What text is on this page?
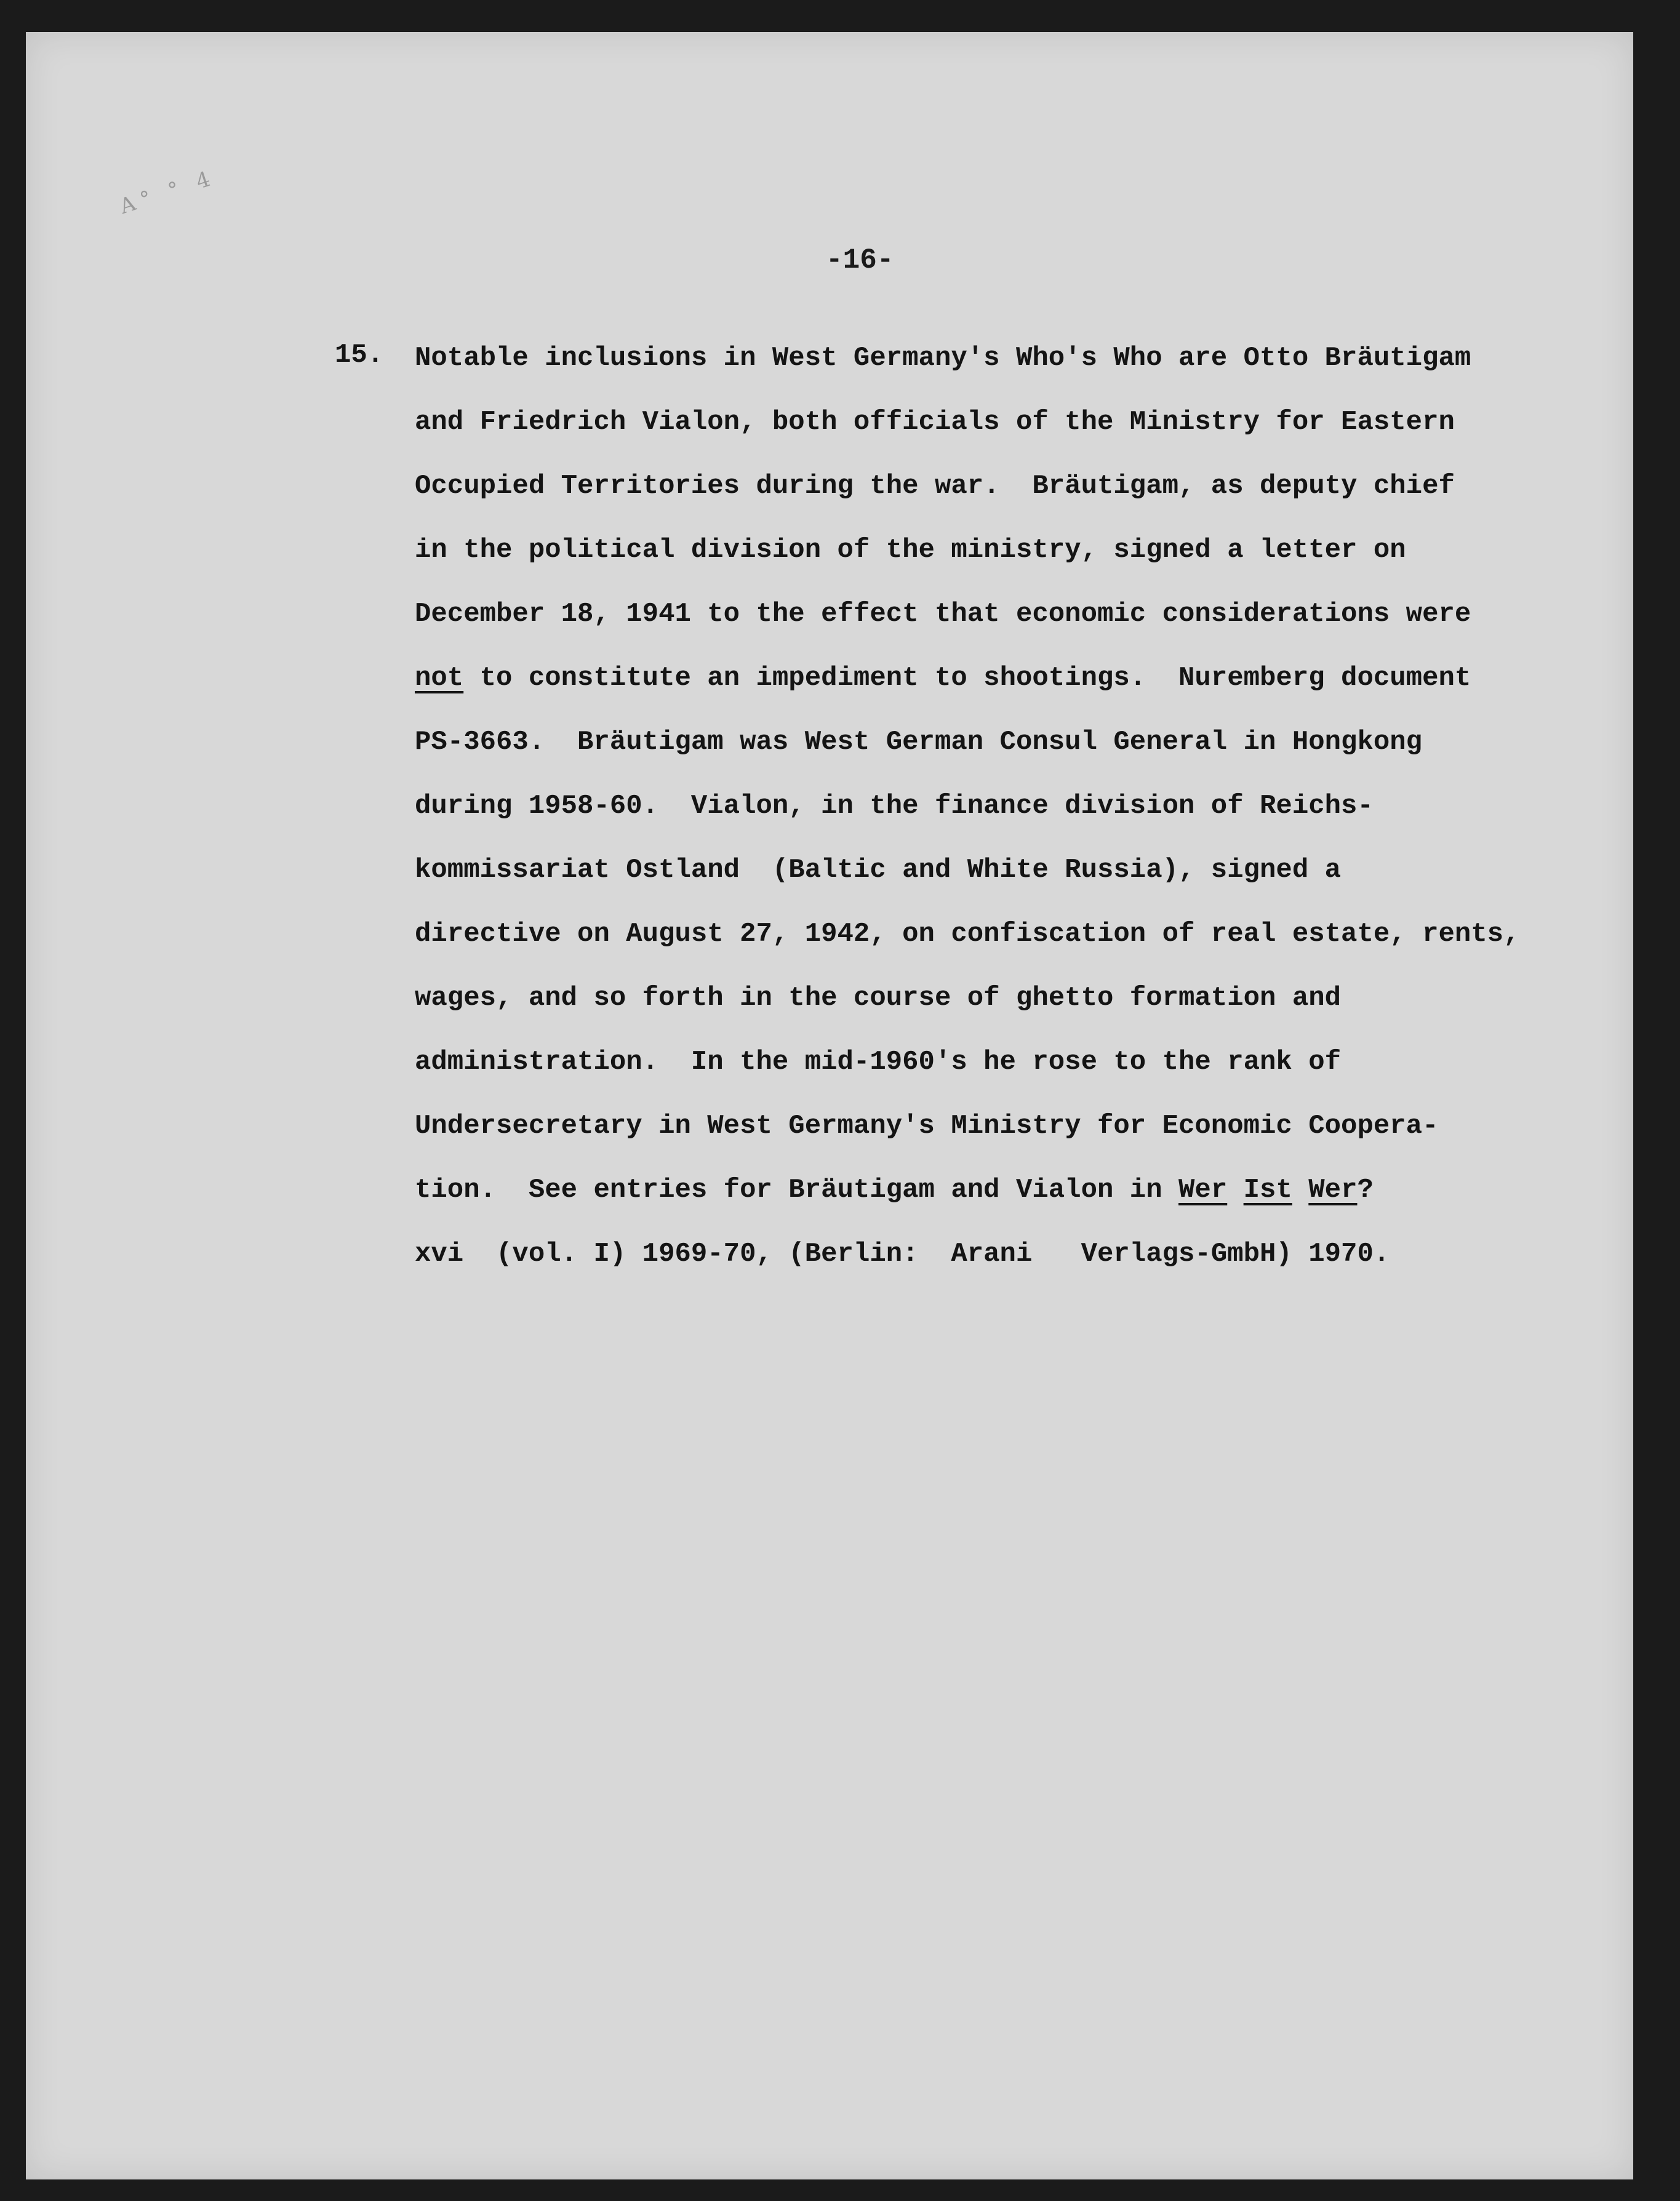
A° ° 4
-16-
15. Notable inclusions in West Germany's Who's Who are Otto Bräutigam
and Friedrich Vialon, both officials of the Ministry for Eastern
Occupied Territories during the war.  Bräutigam, as deputy chief
in the political division of the ministry, signed a letter on
December 18, 1941 to the effect that economic considerations were
not to constitute an impediment to shootings.  Nuremberg document
PS-3663.  Bräutigam was West German Consul General in Hongkong
during 1958-60.  Vialon, in the finance division of Reichs-
kommissariat Ostland  (Baltic and White Russia), signed a
directive on August 27, 1942, on confiscation of real estate, rents,
wages, and so forth in the course of ghetto formation and
administration.  In the mid-1960's he rose to the rank of
Undersecretary in West Germany's Ministry for Economic Coopera-
tion.  See entries for Bräutigam and Vialon in Wer Ist Wer?
xvi  (vol. I) 1969-70, (Berlin:  Arani   Verlags-GmbH) 1970.
